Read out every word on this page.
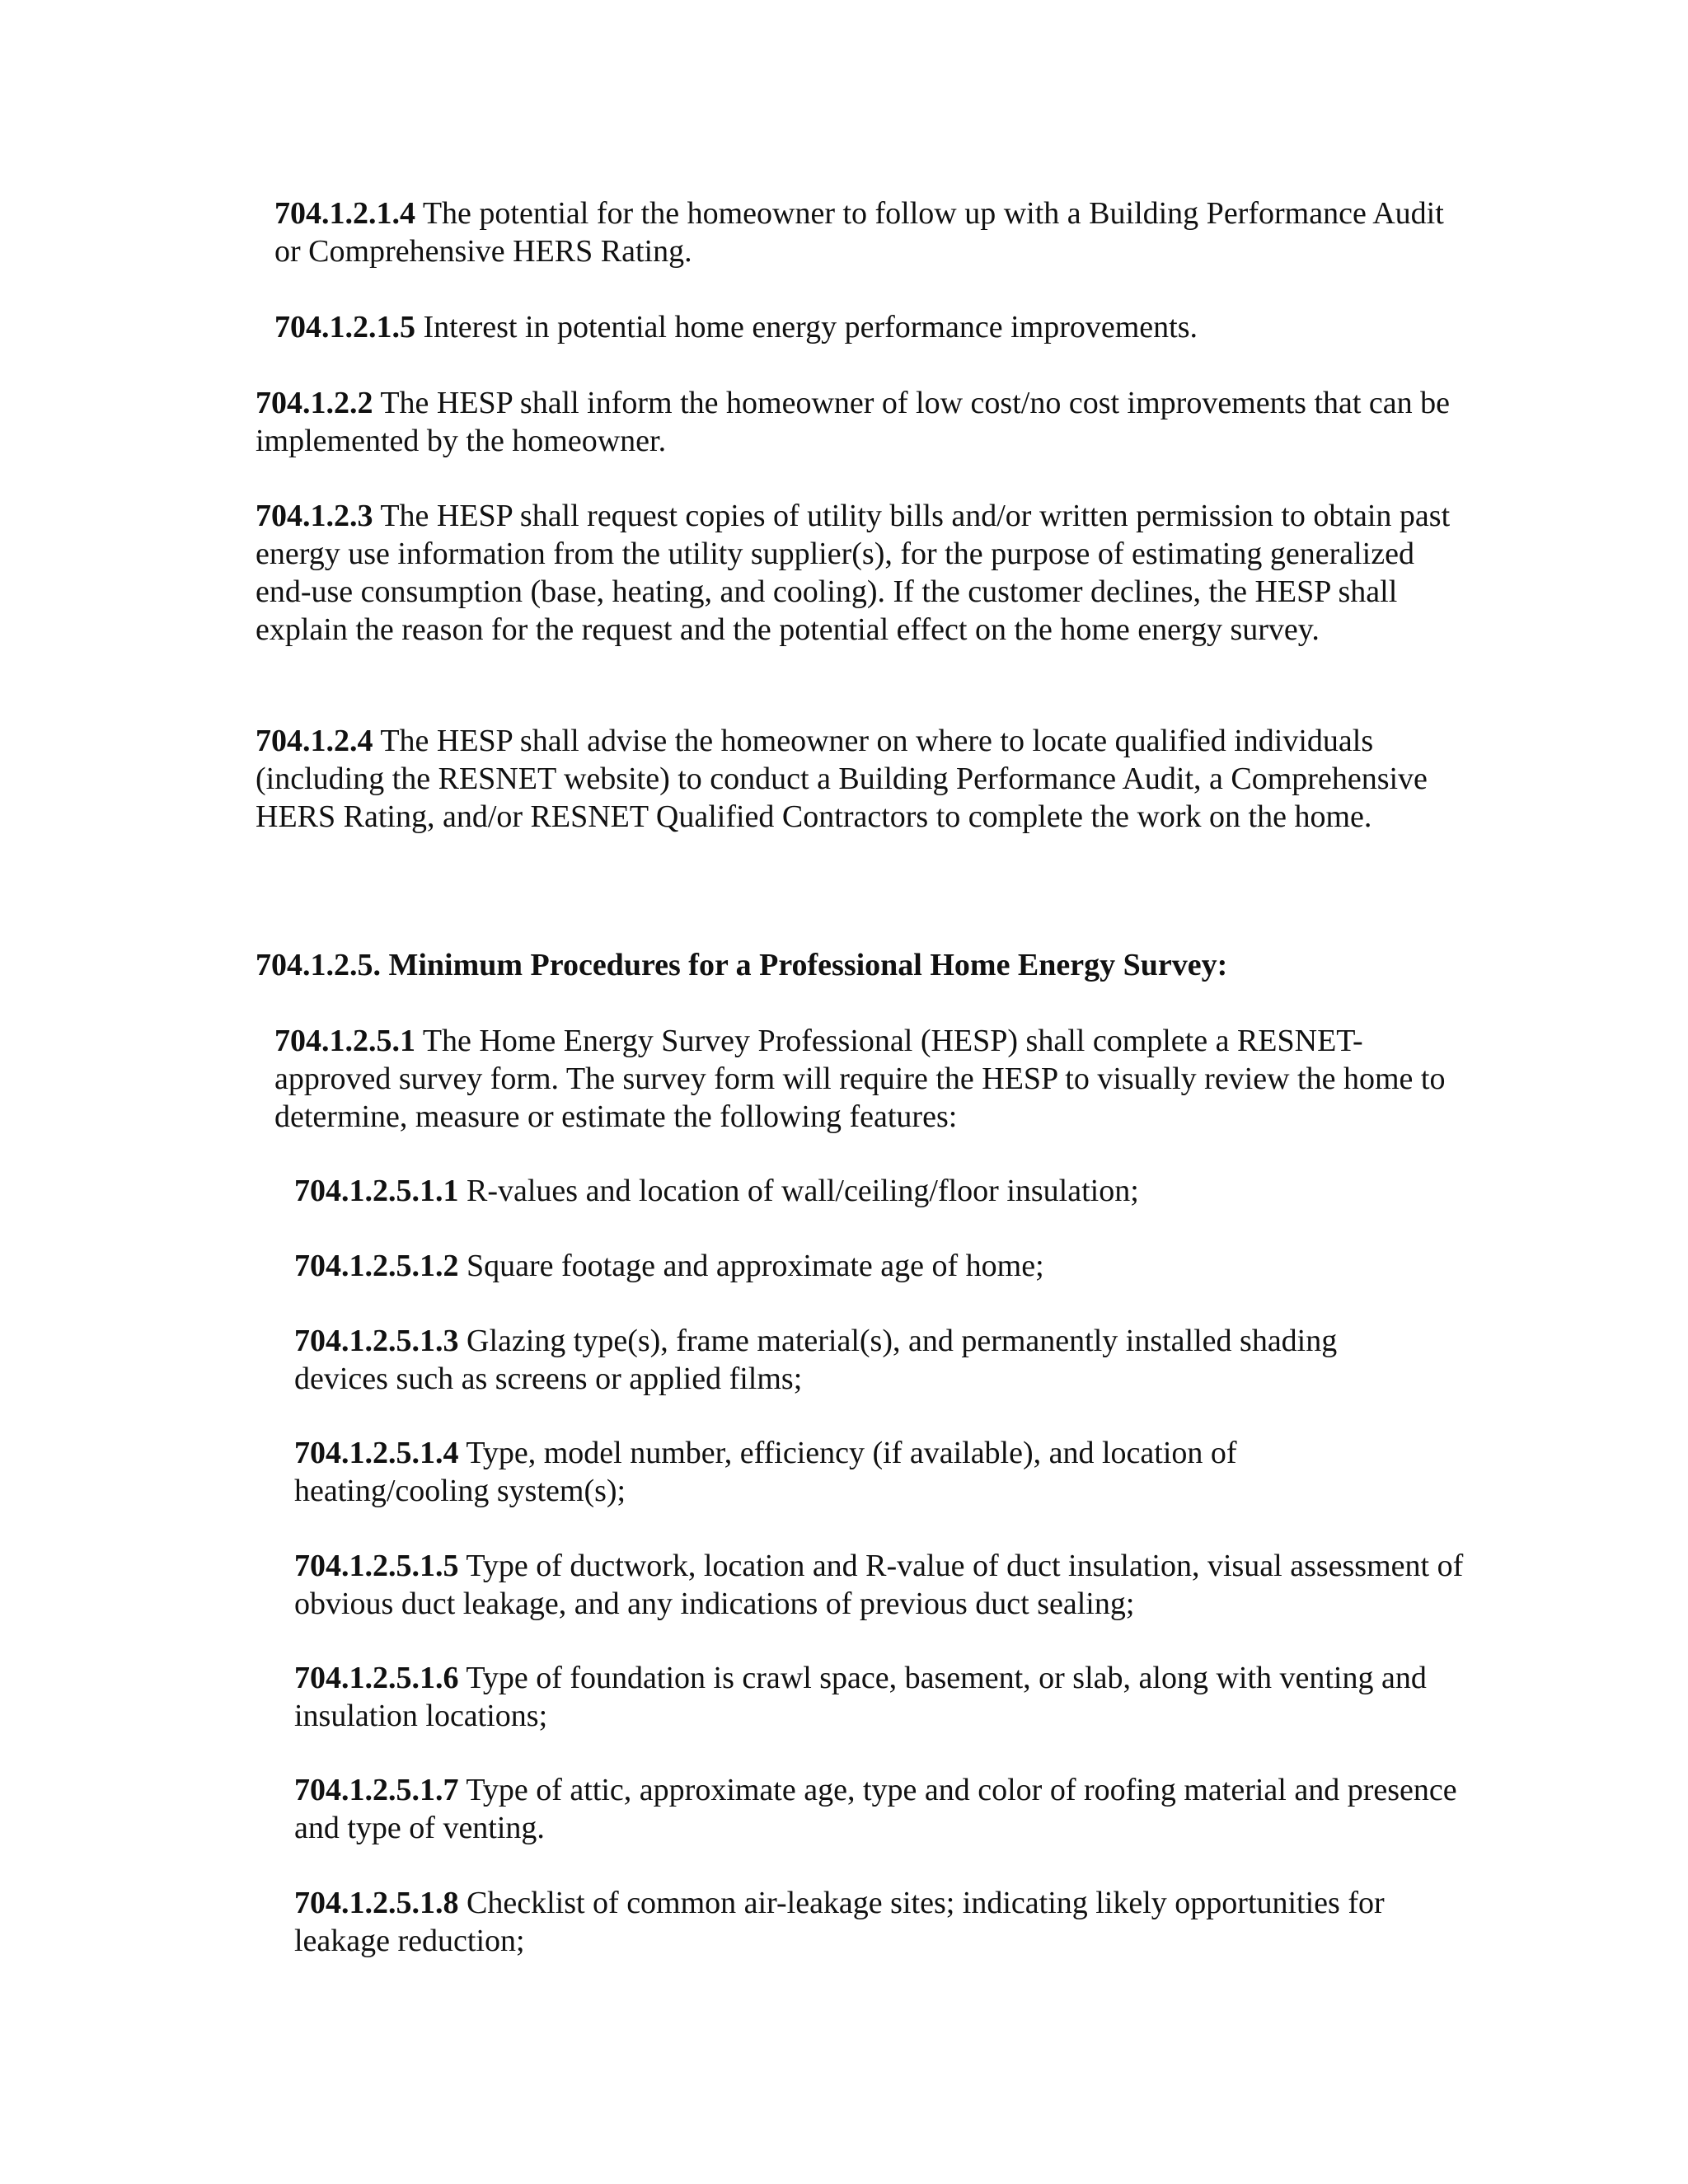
704.1.2.1.4 The potential for the homeowner to follow up with a Building Performance Audit or Comprehensive HERS Rating.

704.1.2.1.5 Interest in potential home energy performance improvements.

704.1.2.2 The HESP shall inform the homeowner of low cost/no cost improvements that can be implemented by the homeowner.

704.1.2.3 The HESP shall request copies of utility bills and/or written permission to obtain past energy use information from the utility supplier(s), for the purpose of estimating generalized end-use consumption (base, heating, and cooling). If the customer declines, the HESP shall explain the reason for the request and the potential effect on the home energy survey.

704.1.2.4 The HESP shall advise the homeowner on where to locate qualified individuals (including the RESNET website) to conduct a Building Performance Audit, a Comprehensive HERS Rating, and/or RESNET Qualified Contractors to complete the work on the home.

704.1.2.5. Minimum Procedures for a Professional Home Energy Survey:

704.1.2.5.1 The Home Energy Survey Professional (HESP) shall complete a RESNET-approved survey form. The survey form will require the HESP to visually review the home to determine, measure or estimate the following features:

704.1.2.5.1.1 R-values and location of wall/ceiling/floor insulation;

704.1.2.5.1.2 Square footage and approximate age of home;

704.1.2.5.1.3 Glazing type(s), frame material(s), and permanently installed shading devices such as screens or applied films;

704.1.2.5.1.4 Type, model number, efficiency (if available), and location of heating/cooling system(s);

704.1.2.5.1.5 Type of ductwork, location and R-value of duct insulation, visual assessment of obvious duct leakage, and any indications of previous duct sealing;

704.1.2.5.1.6 Type of foundation is crawl space, basement, or slab, along with venting and insulation locations;

704.1.2.5.1.7 Type of attic, approximate age, type and color of roofing material and presence and type of venting.

704.1.2.5.1.8 Checklist of common air-leakage sites; indicating likely opportunities for leakage reduction;
